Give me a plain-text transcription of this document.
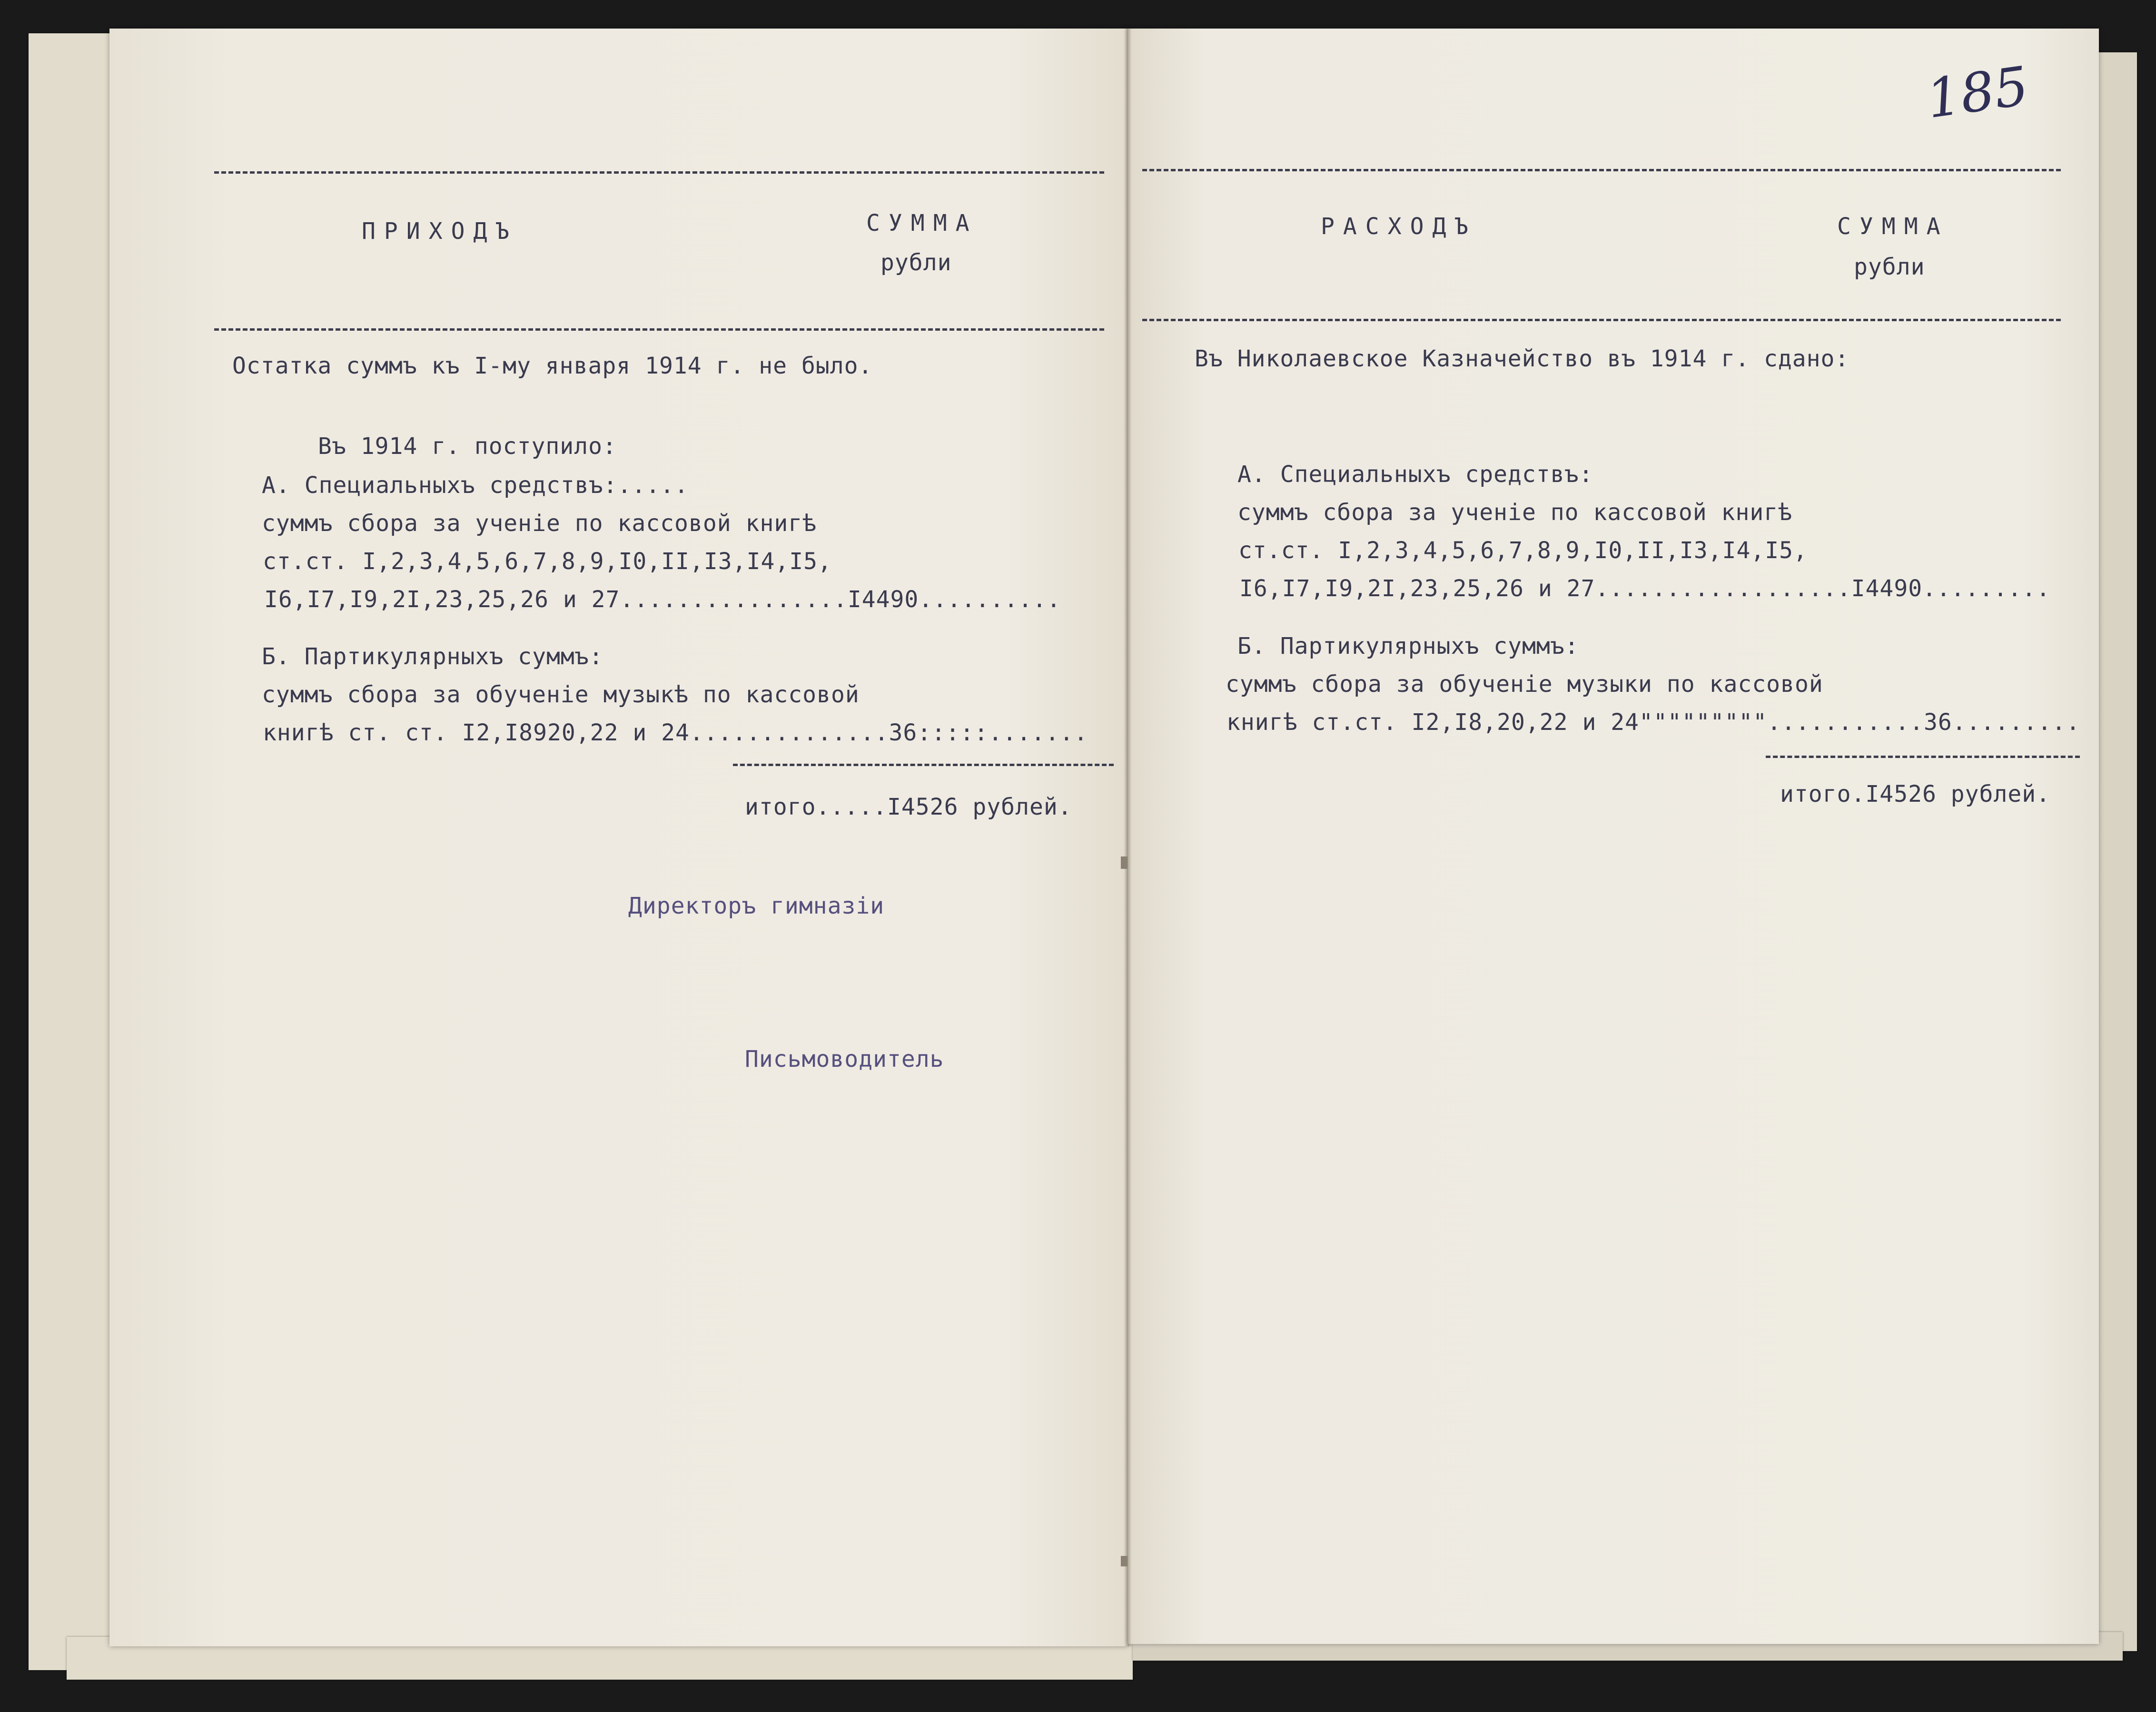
185

ПРИХОДЪ	СУММА

рубли

Остатка суммъ къ I-му января 1914 г. не было.

Въ 1914 г. поступило:

А. Специальныхъ средствъ:.....

суммъ сбора за ученiе по кассовой книгѣ

ст.ст. I,2,3,4,5,6,7,8,9,I0,II,I3,I4,I5,

I6,I7,I9,2I,23,25,26 и 27................I4490..........

Б. Партикулярныхъ суммъ:

суммъ сбора за обученiе музыкѣ по кассовой

книгѣ ст. ст. I2,I8920,22 и 24..............36:::::.......

итого.....I4526 рублей.

Директоръ гимназiи

Письмоводитель

РАСХОДЪ	СУММА

рубли

Въ Николаевское Казначейство въ 1914 г. сдано:

А. Специальныхъ средствъ:

суммъ сбора за ученiе по кассовой книгѣ

ст.ст. I,2,3,4,5,6,7,8,9,I0,II,I3,I4,I5,

I6,I7,I9,2I,23,25,26 и 27..................I4490.........

Б. Партикулярныхъ суммъ:

суммъ сбора за обученiе музыки по кассовой

книгѣ ст.ст. I2,I8,20,22 и 24"""""""""...........36.........

итого.I4526 рублей.
